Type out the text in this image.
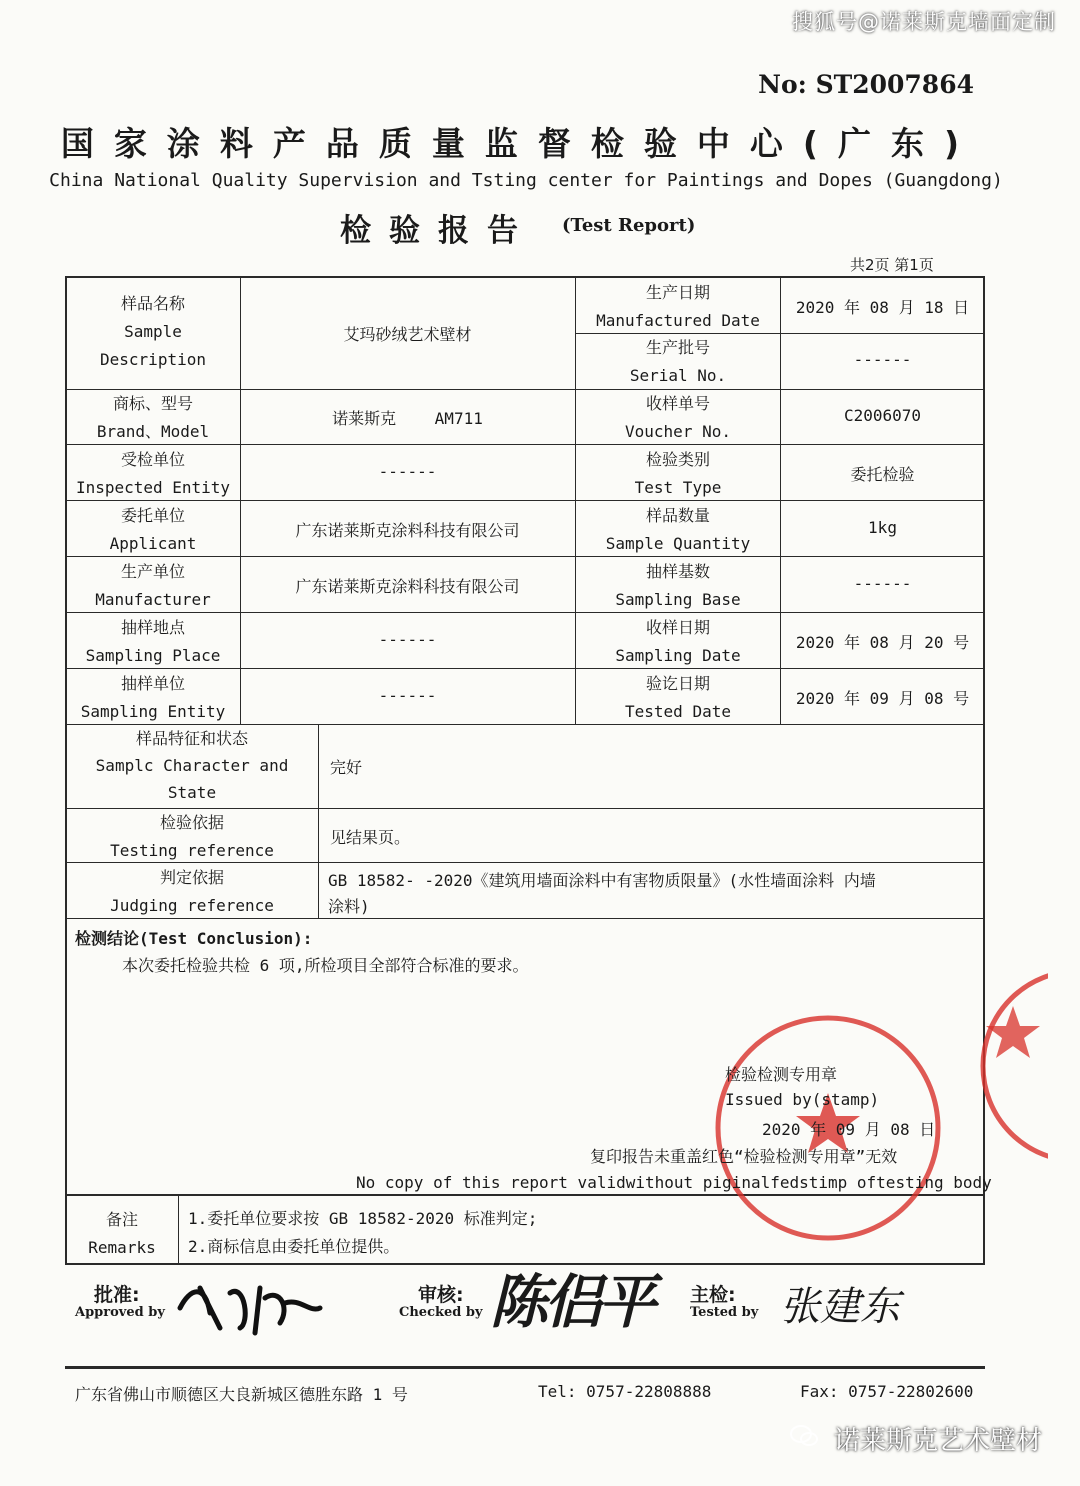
搜狐号@诺莱斯克墙面定制
No: ST2007864
国家涂料产品质量监督检验中心(广东)
China National Quality Supervision and Tsting center for Paintings and Dopes (Guangdong)
检验报告 (Test Report)
共2页 第1页
样品名称
Sample Description
艾玛砂绒艺术壁材
商标、型号
Brand、Model
诺莱斯克    AM711
受检单位
Inspected Entity
------
委托单位
Applicant
广东诺莱斯克涂料科技有限公司
生产单位
Manufacturer
广东诺莱斯克涂料科技有限公司
抽样地点
Sampling Place
------
抽样单位
Sampling Entity
------
生产日期
Manufactured Date
2020 年 08 月 18 日
生产批号
Serial No.
------
收样单号
Voucher No.
C2006070
检验类别
Test Type
委托检验
样品数量
Sample Quantity
1kg
抽样基数
Sampling Base
------
收样日期
Sampling Date
2020 年 08 月 20 号
验讫日期
Tested Date
2020 年 09 月 08 号
样品特征和状态
Samplc Character and
State
完好
检验依据
Testing reference
见结果页。
判定依据
Judging reference
GB 18582- -2020《建筑用墙面涂料中有害物质限量》(水性墙面涂料 内墙
涂料)
检测结论(Test Conclusion):
本次委托检验共检 6 项,所检项目全部符合标准的要求。
检验检测专用章
Issued by(stamp)
2020 年 09 月 08 日
复印报告未重盖红色“检验检测专用章”无效
No copy of this report validwithout piginalfedstimp oftesting body
备注
Remarks
1.委托单位要求按 GB 18582-2020 标准判定;
2.商标信息由委托单位提供。
批准:
Approved by
审核:
Checked by 陈侣平 主检:
Tested by 张建东
广东省佛山市顺德区大良新城区德胜东路 1 号	Tel: 0757-22808888	Fax: 0757-22802600
诺莱斯克艺术壁材
